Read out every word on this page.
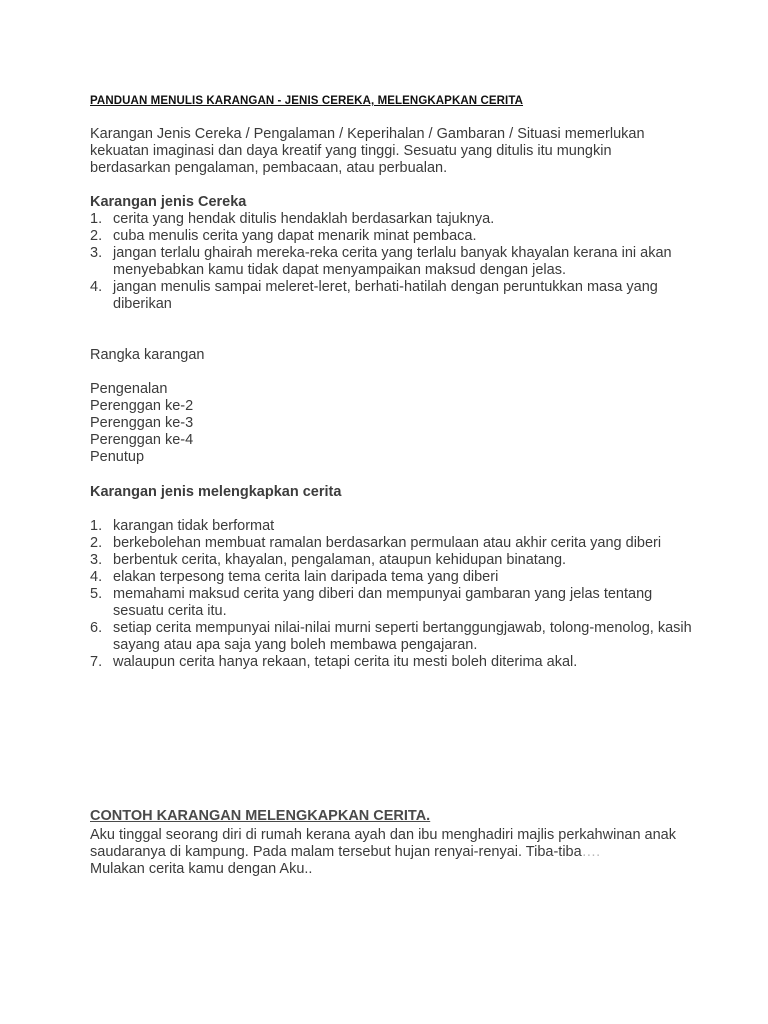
PANDUAN MENULIS KARANGAN - JENIS CEREKA, MELENGKAPKAN CERITA
Karangan Jenis Cereka / Pengalaman / Keperihalan / Gambaran / Situasi memerlukan kekuatan imaginasi dan daya kreatif yang tinggi. Sesuatu yang ditulis itu mungkin berdasarkan pengalaman, pembacaan, atau perbualan.
Karangan jenis Cereka
1. cerita yang hendak ditulis hendaklah berdasarkan tajuknya.
2. cuba menulis cerita yang dapat menarik minat pembaca.
3. jangan terlalu ghairah mereka-reka cerita yang terlalu banyak khayalan kerana ini akan menyebabkan kamu tidak dapat menyampaikan maksud dengan jelas.
4. jangan menulis sampai meleret-leret, berhati-hatilah dengan peruntukkan masa yang diberikan
Rangka karangan
Pengenalan
Perenggan ke-2
Perenggan ke-3
Perenggan ke-4
Penutup
Karangan jenis melengkapkan cerita
1. karangan tidak berformat
2. berkebolehan membuat ramalan berdasarkan permulaan atau akhir cerita yang diberi
3. berbentuk cerita, khayalan, pengalaman, ataupun kehidupan binatang.
4. elakan terpesong tema cerita lain daripada tema yang diberi
5. memahami maksud cerita yang diberi dan mempunyai gambaran yang jelas tentang sesuatu cerita itu.
6. setiap cerita mempunyai nilai-nilai murni seperti bertanggungjawab, tolong-menolog, kasih sayang atau apa saja yang boleh membawa pengajaran.
7. walaupun cerita hanya rekaan, tetapi cerita itu mesti boleh diterima akal.
CONTOH KARANGAN MELENGKAPKAN CERITA.
Aku tinggal seorang diri di rumah kerana ayah dan ibu menghadiri majlis perkahwinan anak saudaranya di kampung. Pada malam tersebut hujan renyai-renyai. Tiba-tiba….
Mulakan cerita kamu dengan Aku..
